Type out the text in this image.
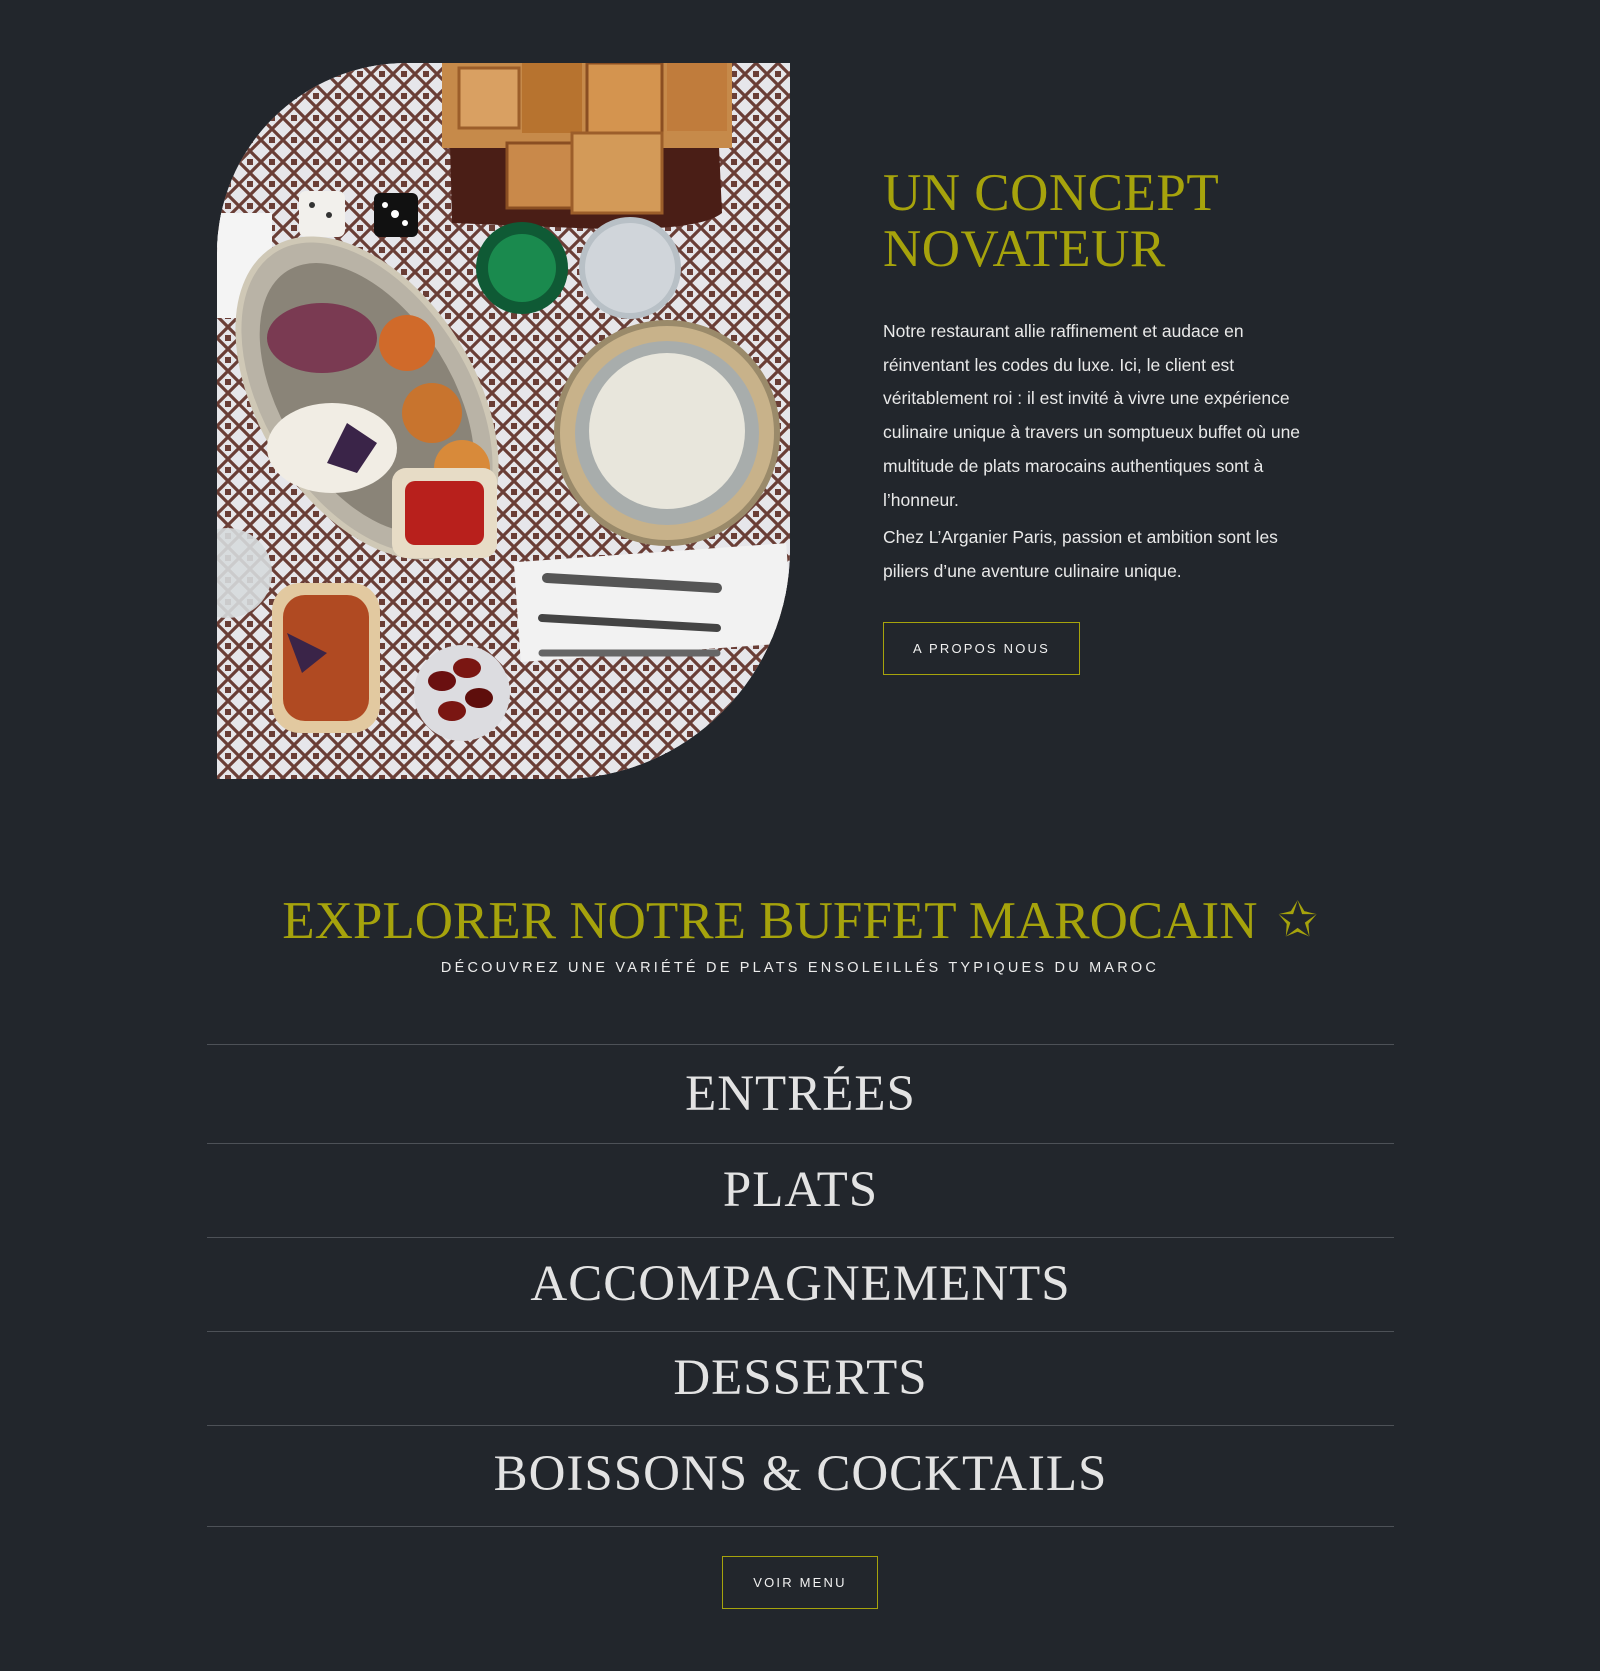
UN CONCEPT
NOVATEUR

Notre restaurant allie raffinement et audace en réinventant les codes du luxe. Ici, le client est véritablement roi : il est invité à vivre une expérience culinaire unique à travers un somptueux buffet où une multitude de plats marocains authentiques sont à l’honneur.

Chez L’Arganier Paris, passion et ambition sont les piliers d’une aventure culinaire unique.

A PROPOS NOUS
EXPLORER NOTRE BUFFET MAROCAIN ✩
DÉCOUVREZ UNE VARIÉTÉ DE PLATS ENSOLEILLÉS TYPIQUES DU MAROC
ENTRÉES
PLATS
ACCOMPAGNEMENTS
DESSERTS
BOISSONS & COCKTAILS
VOIR MENU
